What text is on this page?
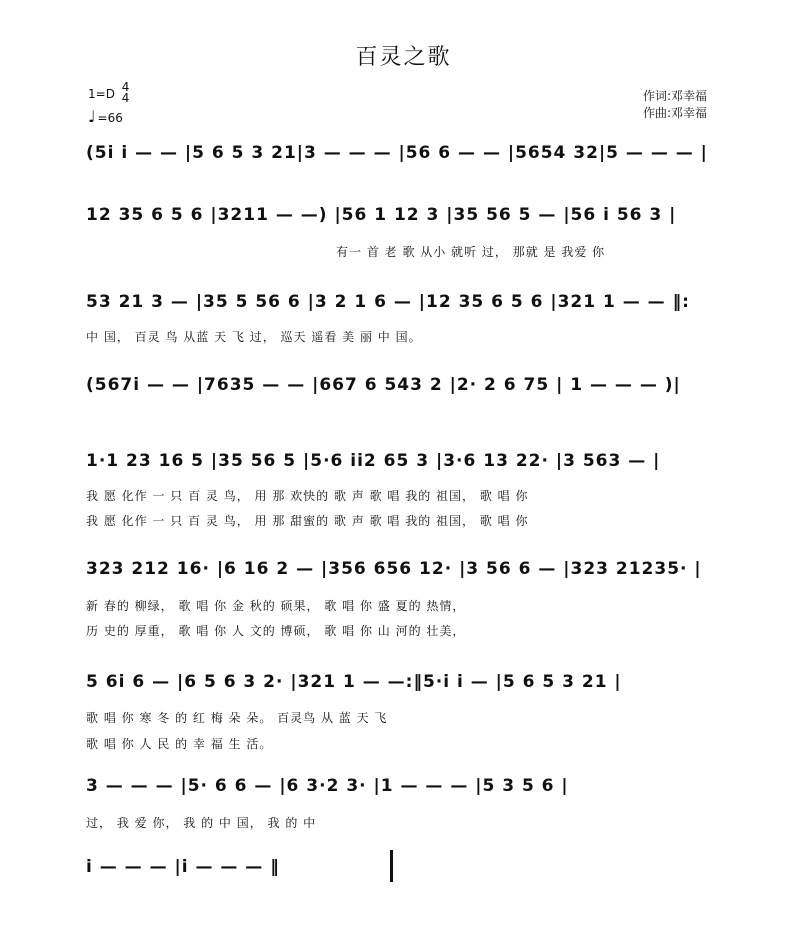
百灵之歌
1=D 4
4
♩ =66
作词:邓幸福
作曲:邓幸福
(5i i — — |5 6 5 3 21|3 — — — |56 6 — — |5654 32|5 — — — |
12 35 6 5 6 |3211 — —) |56 1 12 3 |35 56 5 — |56 i 56 3 |
有一 首 老 歌 从小 就听 过， 那就 是 我爱 你
53 21 3 — |35 5 56 6 |3 2 1 6 — |12 35 6 5 6 |321 1 — — ‖:
中 国， 百灵 鸟 从蓝 天 飞 过， 巡天 遥看 美 丽 中 国。
(567i — — |7635 — — |667 6 543 2 |2· 2 6 75 | 1 — — — )|
1·1 23 16 5 |35 56 5 |5·6 ii2 65 3 |3·6 13 22· |3 563 — |
我 愿 化作 一 只 百 灵 鸟， 用 那 欢快的 歌 声 歌 唱 我的 祖国， 歌 唱 你
我 愿 化作 一 只 百 灵 鸟， 用 那 甜蜜的 歌 声 歌 唱 我的 祖国， 歌 唱 你
323 212 16· |6 16 2 — |356 656 12· |3 56 6 — |323 21235· |
新 春的 柳绿， 歌 唱 你 金 秋的 硕果， 歌 唱 你 盛 夏的 热情，
历 史的 厚重， 歌 唱 你 人 文的 博硕， 歌 唱 你 山 河的 壮美，
5 6i 6 — |6 5 6 3 2· |321 1 — —:‖5·i i — |5 6 5 3 21 |
歌 唱 你 寒 冬 的 红 梅 朵 朵。 百灵鸟 从 蓝 天 飞
歌 唱 你 人 民 的 幸 福 生 活。
3 — — — |5· 6 6 — |6 3·2 3· |1 — — — |5 3 5 6 |
过， 我 爱 你， 我 的 中 国， 我 的 中
i — — — |i — — — ‖
